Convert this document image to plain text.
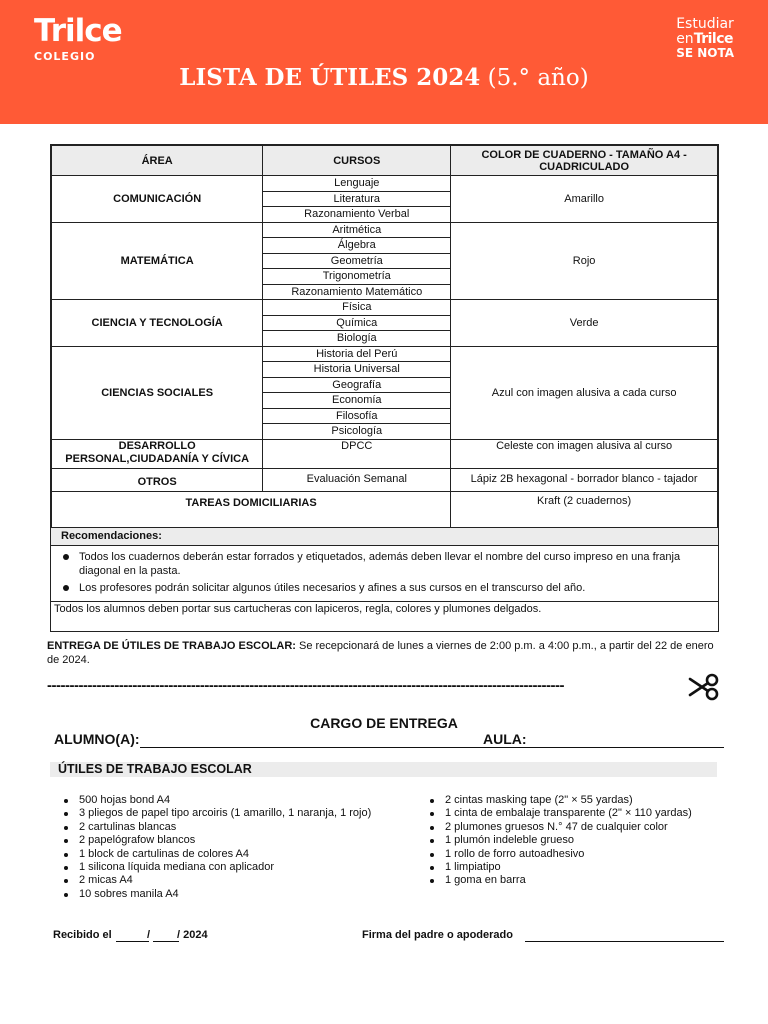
Trilce
COLEGIO
Estudiar
enTrilce
SE NOTA
LISTA DE ÚTILES 2024 (5.° año)
ÁREA	CURSOS	COLOR DE CUADERNO - TAMAÑO A4 - CUADRICULADO
COMUNICACIÓN	Lenguaje	Amarillo
	Literatura	
	Razonamiento Verbal	
MATEMÁTICA	Aritmética	Rojo
	Álgebra	
	Geometría	
	Trigonometría	
	Razonamiento Matemático	
CIENCIA Y TECNOLOGÍA	Física	Verde
	Química	
	Biología	
CIENCIAS SOCIALES	Historia del Perú	Azul con imagen alusiva a cada curso
	Historia Universal	
	Geografía	
	Economía	
	Filosofía	
	Psicología	
DESARROLLO PERSONAL,CIUDADANÍA Y CÍVICA	DPCC	Celeste con imagen alusiva al curso
OTROS	Evaluación Semanal	Lápiz 2B hexagonal - borrador blanco - tajador
TAREAS DOMICILIARIAS		Kraft (2 cuadernos)
Recomendaciones:
Todos los cuadernos deberán estar forrados y etiquetados, además deben llevar el nombre del curso impreso en una franja diagonal en la pasta.
Los profesores podrán solicitar algunos útiles necesarios y afines a sus cursos en el transcurso del año.
Todos los alumnos deben portar sus cartucheras con lapiceros, regla, colores y plumones delgados.
ENTREGA DE ÚTILES DE TRABAJO ESCOLAR: Se recepcionará de lunes a viernes de 2:00 p.m. a 4:00 p.m., a partir del 22 de enero de 2024.
-------------------------------------------------------------------------------------------------------------------
CARGO DE ENTREGA
ALUMNO(A):	AULA:
ÚTILES DE TRABAJO ESCOLAR
500 hojas bond A4
3 pliegos de papel tipo arcoiris (1 amarillo, 1 naranja, 1 rojo)
2 cartulinas blancas
2 papelógrafow blancos
1 block de cartulinas de colores A4
1 silicona líquida mediana con aplicador
2 micas A4
10 sobres manila A4
2 cintas masking tape (2" × 55 yardas)
1 cinta de embalaje transparente (2" × 110 yardas)
2 plumones gruesos N.° 47 de cualquier color
1 plumón indeleble grueso
1 rollo de forro autoadhesivo
1 limpiatipo
1 goma en barra
Recibido el	/ / 2024	Firma del padre o apoderado
